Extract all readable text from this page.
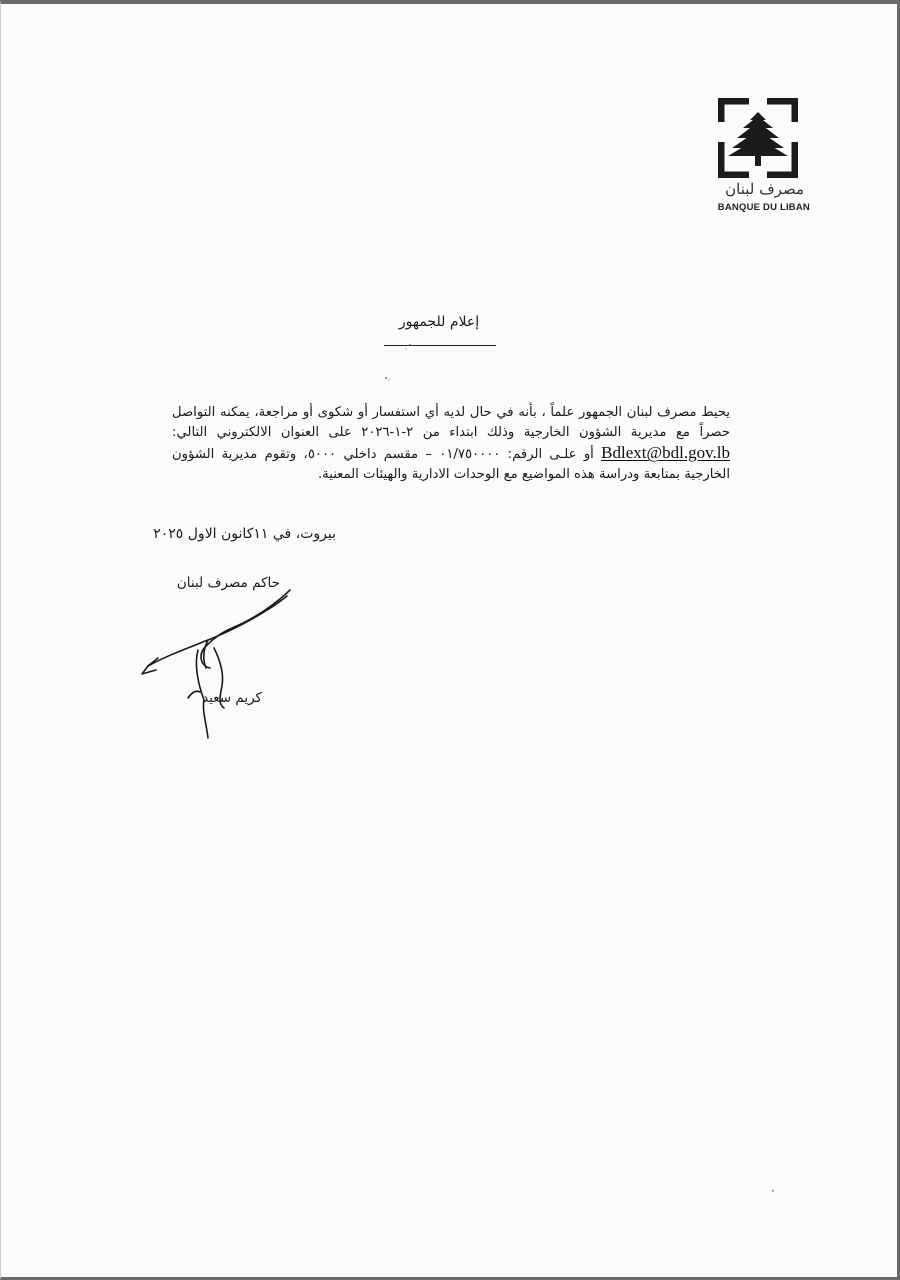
مصرف لبنان
BANQUE DU LIBAN
إعلام للجمهور
يحيط مصرف لبنان الجمهور علماً ، بأنه في حال لديه أي استفسار أو شكوى أو مراجعة، يمكنه التواصل حصراً مع مديرية الشؤون الخارجية وذلك ابتداء من ٢-١-٢٠٢٦ على العنوان الالكتروني التالي: Bdlext@bdl.gov.lb أو علـى الرقم: ٠١/٧٥٠٠٠٠ – مقسم داخلي ٥٠٠٠، وتقوم مديرية الشؤون الخارجية بمتابعة ودراسة هذه المواضيع مع الوحدات الادارية والهيئات المعنية.
بيروت، في ١١كانون الاول ٢٠٢٥
حاكم مصرف لبنان
كريم سعيد
٠
